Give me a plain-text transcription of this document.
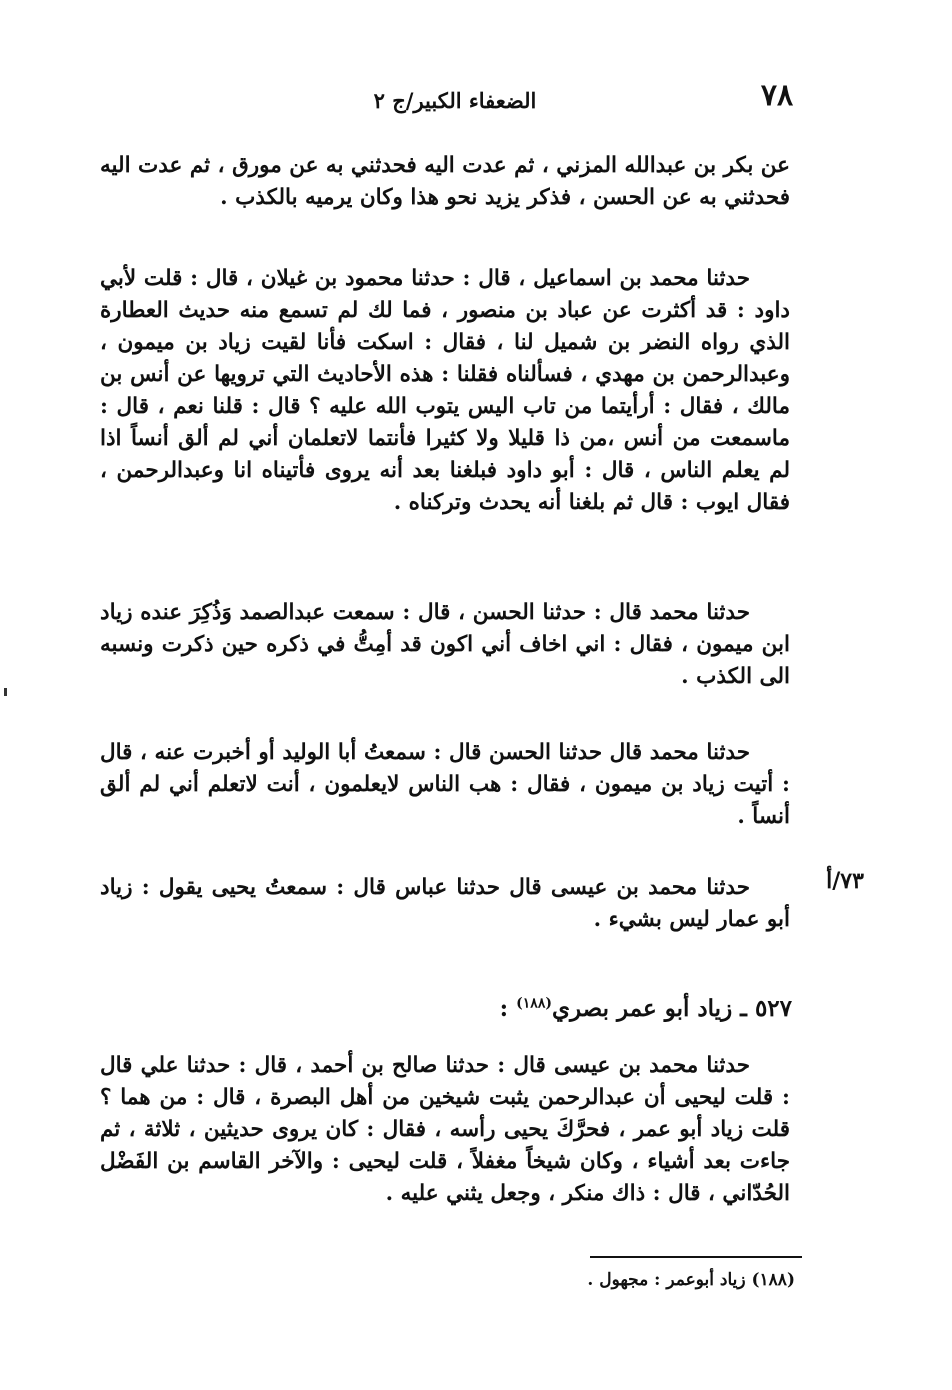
٧٨
الضعفاء الكبير/ج ٢

عن بكر بن عبدالله المزني ، ثم عدت اليه فحدثني به عن مورق ، ثم عدت اليه فحدثني به عن الحسن ، فذكر يزيد نحو هذا وكان يرميه بالكذب .

حدثنا محمد بن اسماعيل ، قال : حدثنا محمود بن غيلان ، قال : قلت لأبي داود : قد أكثرت عن عباد بن منصور ، فما لك لم تسمع منه حديث العطارة الذي رواه النضر بن شميل لنا ، فقال : اسكت فأنا لقيت زياد بن ميمون ، وعبدالرحمن بن مهدي ، فسألناه فقلنا : هذه الأحاديث التي ترويها عن أنس بن مالك ، فقال : أرأيتما من تاب اليس يتوب الله عليه ؟ قال : قلنا نعم ، قال : ماسمعت من أنس ،من ذا قليلا ولا كثيرا فأنتما لاتعلمان أني لم ألق أنساً اذا لم يعلم الناس ، قال : أبو داود فبلغنا بعد أنه يروى فأتيناه انا وعبدالرحمن ، فقال ايوب : قال ثم بلغنا أنه يحدث وتركناه .

حدثنا محمد قال : حدثنا الحسن ، قال : سمعت عبدالصمد وَذُكِرَ عنده زياد ابن ميمون ، فقال : اني اخاف أني اكون قد أمِتُّ في ذكره حين ذكرت ونسبه الى الكذب .

حدثنا محمد قال حدثنا الحسن قال : سمعتُ أبا الوليد أو أخبرت عنه ، قال : أتيت زياد بن ميمون ، فقال : هب الناس لايعلمون ، أنت لاتعلم أني لم ألق أنساً .

٧٣/أ

حدثنا محمد بن عيسى قال حدثنا عباس قال : سمعتُ يحيى يقول : زياد أبو عمار ليس بشيء .

٥٢٧ ـ زياد أبو عمر بصري$^{(١٨٨)}$ :

حدثنا محمد بن عيسى قال : حدثنا صالح بن أحمد ، قال : حدثنا علي قال : قلت ليحيى أن عبدالرحمن يثبت شيخين من أهل البصرة ، قال : من هما ؟ قلت زياد أبو عمر ، فحرَّكَ يحيى رأسه ، فقال : كان يروى حديثين ، ثلاثة ، ثم جاءت بعد أشياء ، وكان شيخاً مغفلاً ، قلت ليحيى : والآخر القاسم بن الفَضْل الحُدّاني ، قال : ذاك منكر ، وجعل يثني عليه .

(١٨٨) زياد أبوعمر : مجهول .
